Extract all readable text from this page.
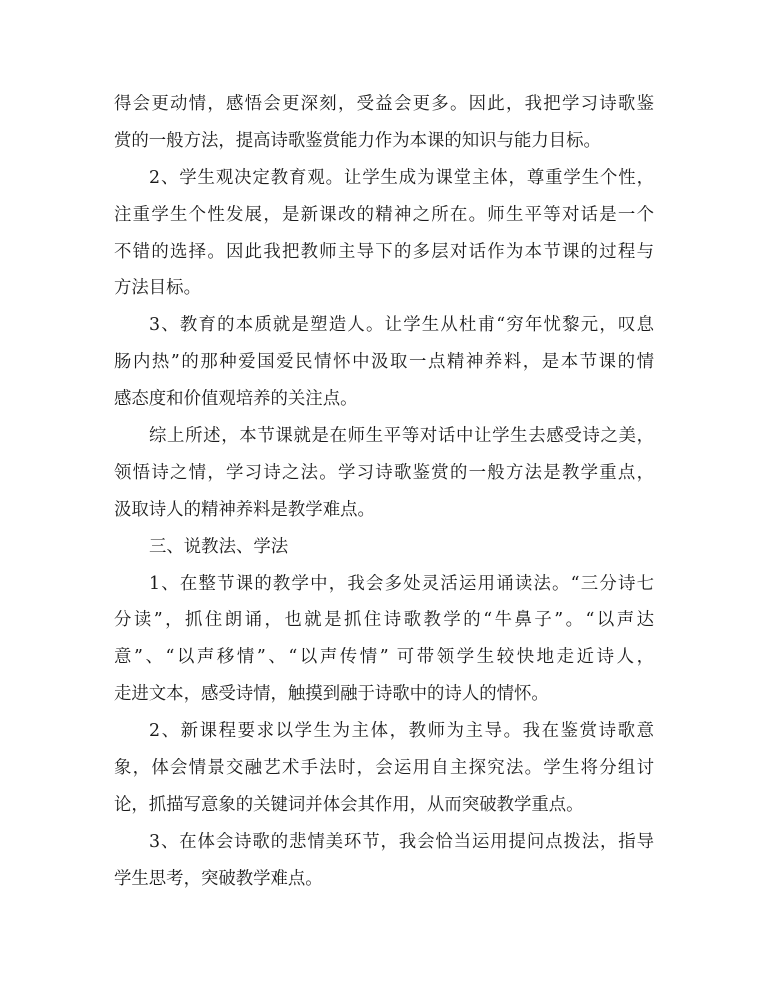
得会更动情，感悟会更深刻，受益会更多。因此，我把学习诗歌鉴
赏的一般方法，提高诗歌鉴赏能力作为本课的知识与能力目标。
2、学生观决定教育观。让学生成为课堂主体，尊重学生个性，
注重学生个性发展，是新课改的精神之所在。师生平等对话是一个
不错的选择。因此我把教师主导下的多层对话作为本节课的过程与
方法目标。
3、教育的本质就是塑造人。让学生从杜甫“穷年忧黎元，叹息
肠内热”的那种爱国爱民情怀中汲取一点精神养料，是本节课的情
感态度和价值观培养的关注点。
综上所述，本节课就是在师生平等对话中让学生去感受诗之美，
领悟诗之情，学习诗之法。学习诗歌鉴赏的一般方法是教学重点，
汲取诗人的精神养料是教学难点。
三、说教法、学法
1、在整节课的教学中，我会多处灵活运用诵读法。“三分诗七
分读”，抓住朗诵，也就是抓住诗歌教学的“牛鼻子”。“以声达
意”、“以声移情”、“以声传情” 可带领学生较快地走近诗人，
走进文本，感受诗情，触摸到融于诗歌中的诗人的情怀。
2、新课程要求以学生为主体，教师为主导。我在鉴赏诗歌意
象，体会情景交融艺术手法时，会运用自主探究法。学生将分组讨
论，抓描写意象的关键词并体会其作用，从而突破教学重点。
3、在体会诗歌的悲情美环节，我会恰当运用提问点拨法，指导
学生思考，突破教学难点。
